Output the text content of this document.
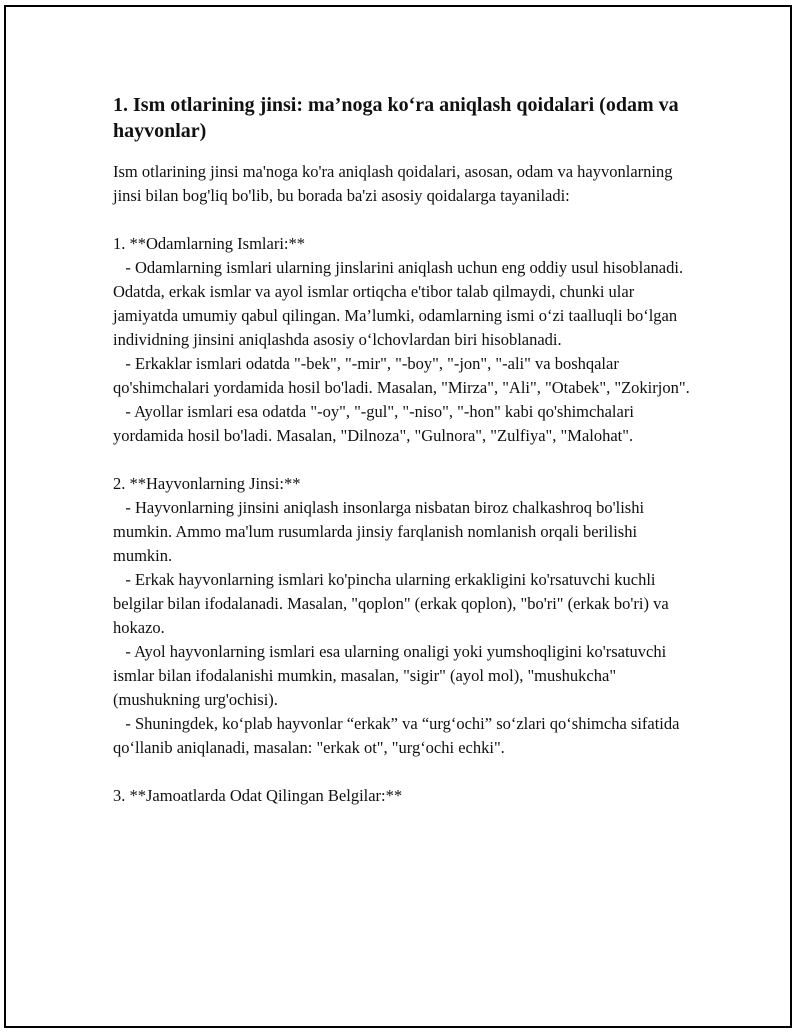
1. Ism otlarining jinsi: ma’noga ko‘ra aniqlash qoidalari (odam va hayvonlar)

Ism otlarining jinsi ma'noga ko'ra aniqlash qoidalari, asosan, odam va hayvonlarning jinsi bilan bog'liq bo'lib, bu borada ba'zi asosiy qoidalarga tayaniladi:

1. **Odamlarning Ismlari:**
- Odamlarning ismlari ularning jinslarini aniqlash uchun eng oddiy usul hisoblanadi. Odatda, erkak ismlar va ayol ismlar ortiqcha e'tibor talab qilmaydi, chunki ular jamiyatda umumiy qabul qilingan. Ma’lumki, odamlarning ismi o‘zi taalluqli bo‘lgan individning jinsini aniqlashda asosiy o‘lchovlardan biri hisoblanadi.
- Erkaklar ismlari odatda "-bek", "-mir", "-boy", "-jon", "-ali" va boshqalar qo'shimchalari yordamida hosil bo'ladi. Masalan, "Mirza", "Ali", "Otabek", "Zokirjon".
- Ayollar ismlari esa odatda "-oy", "-gul", "-niso", "-hon" kabi qo'shimchalari yordamida hosil bo'ladi. Masalan, "Dilnoza", "Gulnora", "Zulfiya", "Malohat".

2. **Hayvonlarning Jinsi:**
- Hayvonlarning jinsini aniqlash insonlarga nisbatan biroz chalkashroq bo'lishi mumkin. Ammo ma'lum rusumlarda jinsiy farqlanish nomlanish orqali berilishi mumkin.
- Erkak hayvonlarning ismlari ko'pincha ularning erkakligini ko'rsatuvchi kuchli belgilar bilan ifodalanadi. Masalan, "qoplon" (erkak qoplon), "bo'ri" (erkak bo'ri) va hokazo.
- Ayol hayvonlarning ismlari esa ularning onaligi yoki yumshoqligini ko'rsatuvchi ismlar bilan ifodalanishi mumkin, masalan, "sigir" (ayol mol), "mushukcha" (mushukning urg'ochisi).
- Shuningdek, ko‘plab hayvonlar “erkak” va “urg‘ochi” so‘zlari qo‘shimcha sifatida qo‘llanib aniqlanadi, masalan: "erkak ot", "urg‘ochi echki".

3. **Jamoatlarda Odat Qilingan Belgilar:**
